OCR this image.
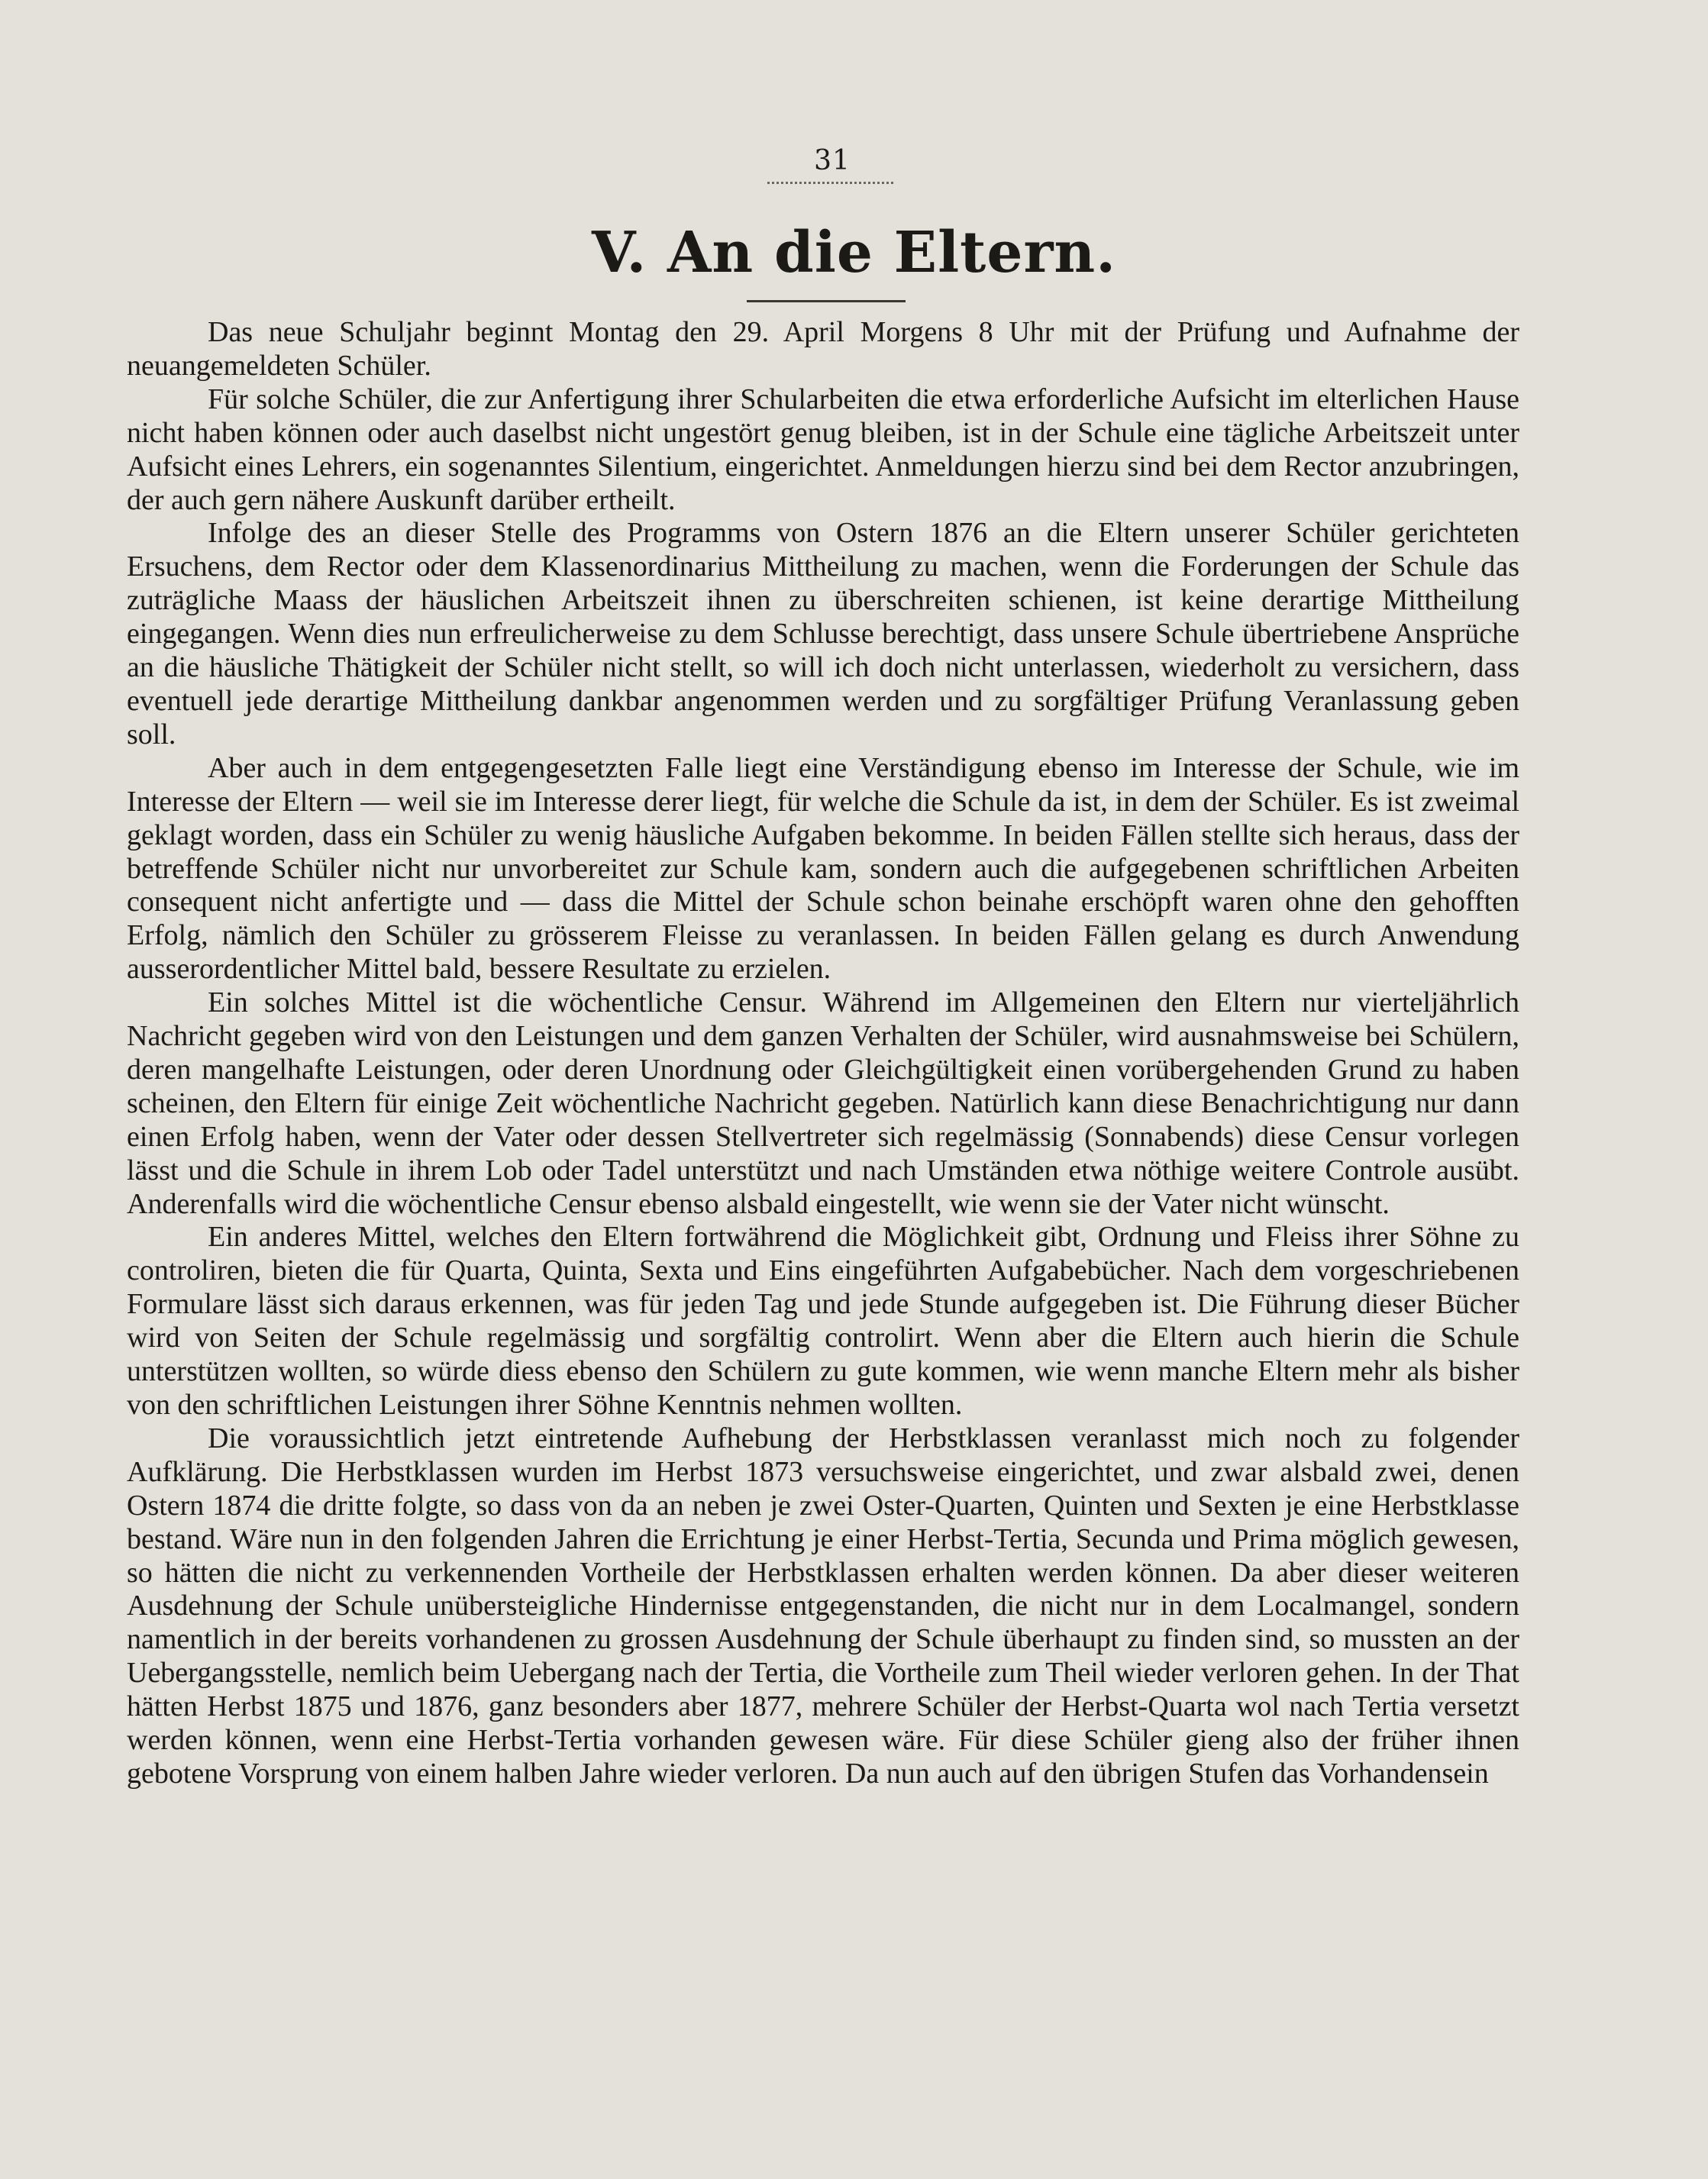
31
V. An die Eltern.

Das neue Schuljahr beginnt Montag den 29. April Morgens 8 Uhr mit der Prüfung und Aufnahme der neuangemeldeten Schüler.

Für solche Schüler, die zur Anfertigung ihrer Schularbeiten die etwa erforderliche Aufsicht im elterlichen Hause nicht haben können oder auch daselbst nicht ungestört genug bleiben, ist in der Schule eine tägliche Arbeitszeit unter Aufsicht eines Lehrers, ein sogenanntes Silentium, eingerichtet. Anmeldungen hierzu sind bei dem Rector anzubringen, der auch gern nähere Auskunft darüber ertheilt.

Infolge des an dieser Stelle des Programms von Ostern 1876 an die Eltern unserer Schüler gerichteten Ersuchens, dem Rector oder dem Klassenordinarius Mittheilung zu machen, wenn die Forderungen der Schule das zuträgliche Maass der häuslichen Arbeitszeit ihnen zu überschreiten schienen, ist keine derartige Mittheilung eingegangen. Wenn dies nun erfreulicherweise zu dem Schlusse berechtigt, dass unsere Schule übertriebene Ansprüche an die häusliche Thätigkeit der Schüler nicht stellt, so will ich doch nicht unterlassen, wiederholt zu versichern, dass eventuell jede derartige Mittheilung dankbar angenommen werden und zu sorgfältiger Prüfung Veranlassung geben soll.

Aber auch in dem entgegengesetzten Falle liegt eine Verständigung ebenso im Interesse der Schule, wie im Interesse der Eltern — weil sie im Interesse derer liegt, für welche die Schule da ist, in dem der Schüler. Es ist zweimal geklagt worden, dass ein Schüler zu wenig häusliche Aufgaben bekomme. In beiden Fällen stellte sich heraus, dass der betreffende Schüler nicht nur unvorbereitet zur Schule kam, sondern auch die aufgegebenen schriftlichen Arbeiten consequent nicht anfertigte und — dass die Mittel der Schule schon beinahe erschöpft waren ohne den gehofften Erfolg, nämlich den Schüler zu grösserem Fleisse zu veranlassen. In beiden Fällen gelang es durch Anwendung ausserordentlicher Mittel bald, bessere Resultate zu erzielen.

Ein solches Mittel ist die wöchentliche Censur. Während im Allgemeinen den Eltern nur vierteljährlich Nachricht gegeben wird von den Leistungen und dem ganzen Verhalten der Schüler, wird ausnahmsweise bei Schülern, deren mangelhafte Leistungen, oder deren Unordnung oder Gleichgültigkeit einen vorübergehenden Grund zu haben scheinen, den Eltern für einige Zeit wöchentliche Nachricht gegeben. Natürlich kann diese Benachrichtigung nur dann einen Erfolg haben, wenn der Vater oder dessen Stellvertreter sich regelmässig (Sonnabends) diese Censur vorlegen lässt und die Schule in ihrem Lob oder Tadel unterstützt und nach Umständen etwa nöthige weitere Controle ausübt. Anderenfalls wird die wöchentliche Censur ebenso alsbald eingestellt, wie wenn sie der Vater nicht wünscht.

Ein anderes Mittel, welches den Eltern fortwährend die Möglichkeit gibt, Ordnung und Fleiss ihrer Söhne zu controliren, bieten die für Quarta, Quinta, Sexta und Eins eingeführten Aufgabebücher. Nach dem vorgeschriebenen Formulare lässt sich daraus erkennen, was für jeden Tag und jede Stunde aufgegeben ist. Die Führung dieser Bücher wird von Seiten der Schule regelmässig und sorgfältig controlirt. Wenn aber die Eltern auch hierin die Schule unterstützen wollten, so würde diess ebenso den Schülern zu gute kommen, wie wenn manche Eltern mehr als bisher von den schriftlichen Leistungen ihrer Söhne Kenntnis nehmen wollten.

Die voraussichtlich jetzt eintretende Aufhebung der Herbstklassen veranlasst mich noch zu folgender Aufklärung. Die Herbstklassen wurden im Herbst 1873 versuchsweise eingerichtet, und zwar alsbald zwei, denen Ostern 1874 die dritte folgte, so dass von da an neben je zwei Oster-Quarten, Quinten und Sexten je eine Herbstklasse bestand. Wäre nun in den folgenden Jahren die Errichtung je einer Herbst-Tertia, Secunda und Prima möglich gewesen, so hätten die nicht zu verkennenden Vortheile der Herbstklassen erhalten werden können. Da aber dieser weiteren Ausdehnung der Schule unübersteigliche Hindernisse entgegenstanden, die nicht nur in dem Localmangel, sondern namentlich in der bereits vorhandenen zu grossen Ausdehnung der Schule überhaupt zu finden sind, so mussten an der Uebergangsstelle, nemlich beim Uebergang nach der Tertia, die Vortheile zum Theil wieder verloren gehen. In der That hätten Herbst 1875 und 1876, ganz besonders aber 1877, mehrere Schüler der Herbst-Quarta wol nach Tertia versetzt werden können, wenn eine Herbst-Tertia vorhanden gewesen wäre. Für diese Schüler gieng also der früher ihnen gebotene Vorsprung von einem halben Jahre wieder verloren. Da nun auch auf den übrigen Stufen das Vorhandensein
